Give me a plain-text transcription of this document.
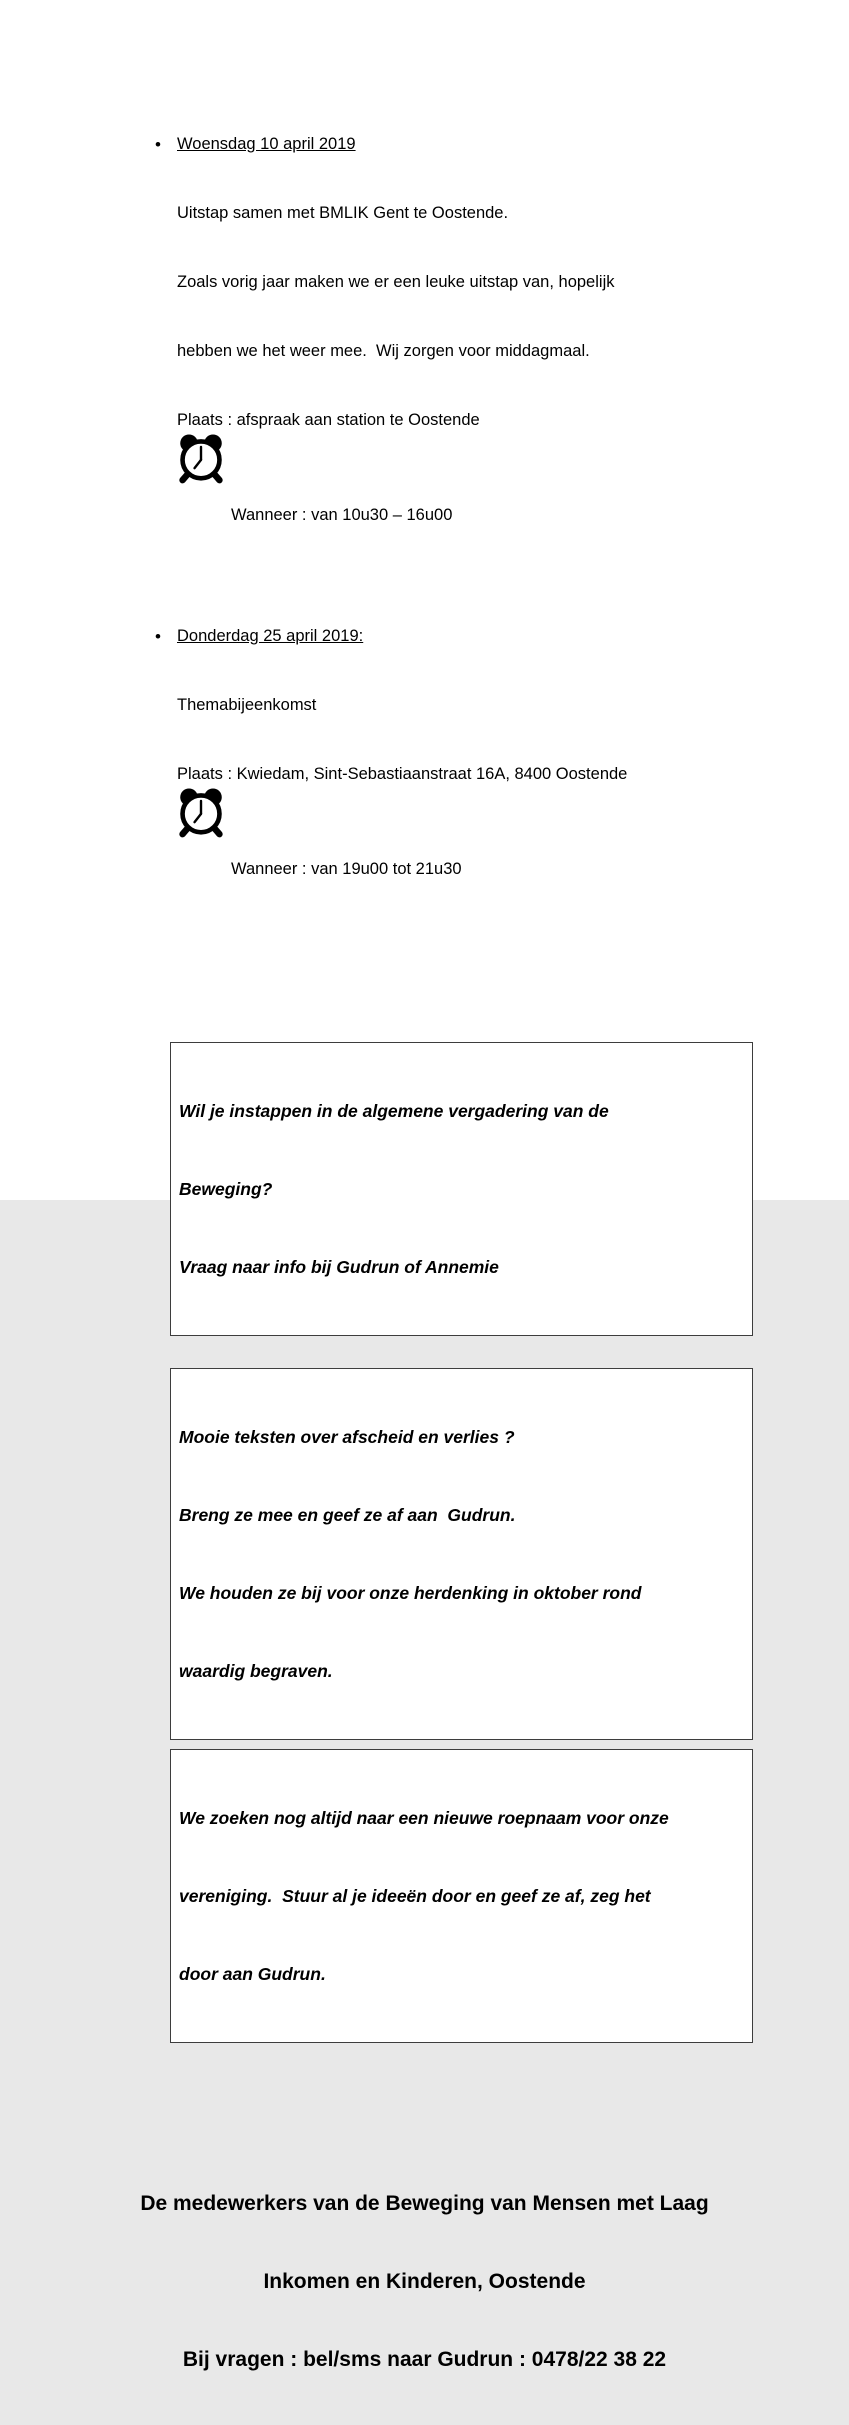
• Woensdag 10 april 2019

Uitstap samen met BMLIK Gent te Oostende.

Zoals vorig jaar maken we er een leuke uitstap van, hopelijk

hebben we het weer mee.  Wij zorgen voor middagmaal.

Plaats : afspraak aan station te Oostende

Wanneer : van 10u30 – 16u00

• Donderdag 25 april 2019:

Themabijeenkomst

Plaats : Kwiedam, Sint-Sebastiaanstraat 16A, 8400 Oostende

Wanneer : van 19u00 tot 21u30

Wil je instappen in de algemene vergadering van de

Beweging?

Vraag naar info bij Gudrun of Annemie

Mooie teksten over afscheid en verlies ?

Breng ze mee en geef ze af aan  Gudrun.

We houden ze bij voor onze herdenking in oktober rond

waardig begraven.

We zoeken nog altijd naar een nieuwe roepnaam voor onze

vereniging.  Stuur al je ideeën door en geef ze af, zeg het

door aan Gudrun.

De medewerkers van de Beweging van Mensen met Laag

Inkomen en Kinderen, Oostende

Bij vragen : bel/sms naar Gudrun : 0478/22 38 22
